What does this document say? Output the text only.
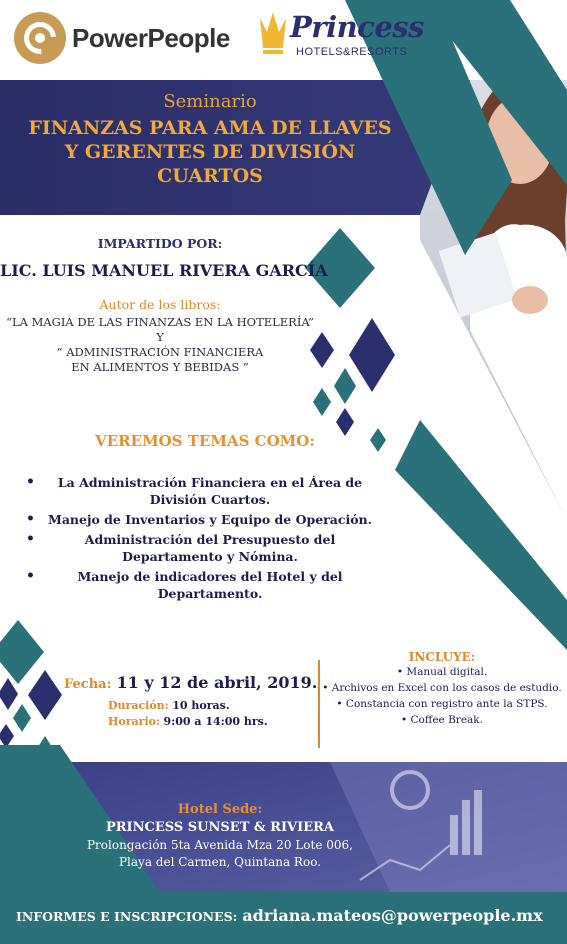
PowerPeople Princess
HOTELS&RESORTS
Seminario
FINANZAS PARA AMA DE LLAVES
Y GERENTES DE DIVISIÓN
CUARTOS
IMPARTIDO POR:
LIC. LUIS MANUEL RIVERA GARCÍA
Autor de los libros:
“LA MAGIA DE LAS FINANZAS EN LA HOTELERÍA”
Y
“ ADMINISTRACIÓN FINANCIERA
EN ALIMENTOS Y BEBIDAS ”
VEREMOS TEMAS COMO:
• La Administración Financiera en el Área de División Cuartos.
• Manejo de Inventarios y Equipo de Operación.
•	Administración del Presupuesto del Departamento y Nómina.
•	Manejo de indicadores del Hotel y del Departamento.
Fecha: 11 y 12 de abril, 2019.
Duración: 10 horas.
Horario: 9:00 a 14:00 hrs.
INCLUYE:
• Manual digital.
• Archivos en Excel con los casos de estudio.
• Constancia con registro ante la STPS.
• Coffee Break.
Hotel Sede:
PRINCESS SUNSET & RIVIERA
Prolongación 5ta Avenida Mza 20 Lote 006,
Playa del Carmen, Quintana Roo.
INFORMES E INSCRIPCIONES: adriana.mateos@powerpeople.mx
